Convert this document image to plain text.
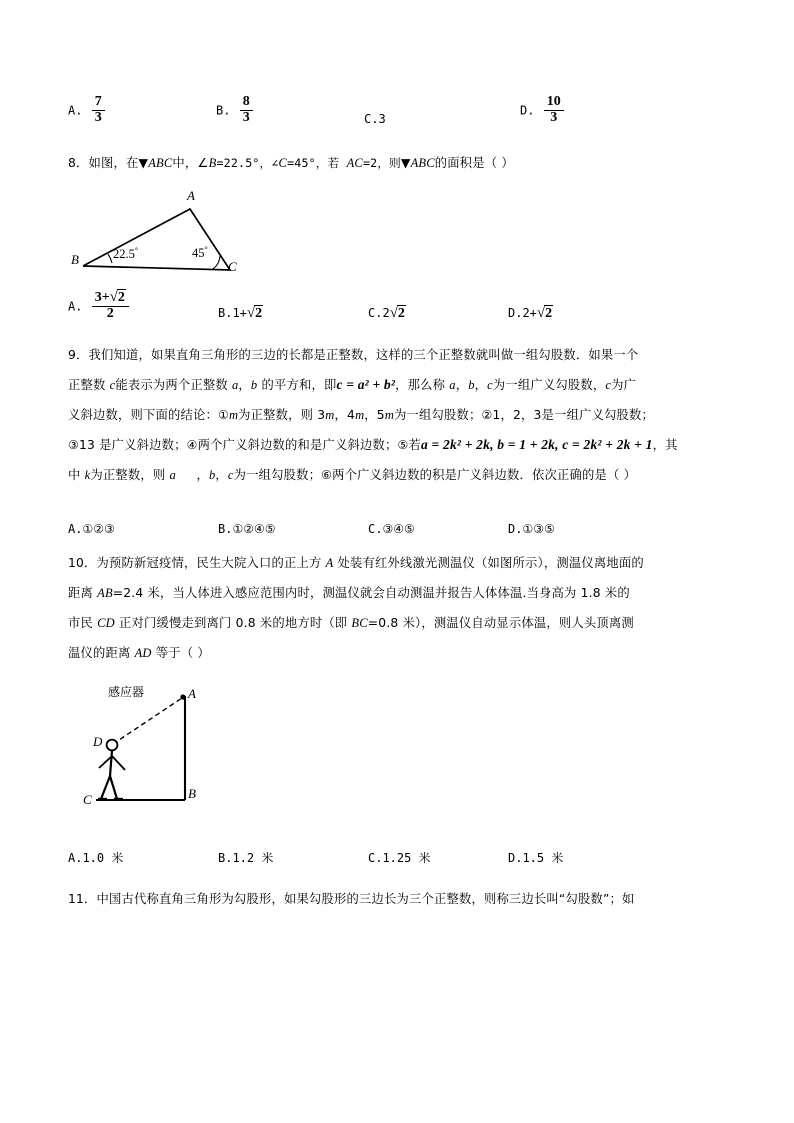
A. $\frac{7}{3}$	B. $\frac{8}{3}$	C.3
D. $\frac{10}{3}$
8．如图，在▼ABC中，∠B=22.5°，∠C=45°，若 AC=2，则▼ABC的面积是（ ）
B
A
C
22.5°	45°
A. $\frac{3+√2}{2}$	B.1+√2	C.2√2	D.2+√2
9．我们知道，如果直角三角形的三边的长都是正整数，这样的三个正整数就叫做一组勾股数．如果一个
正整数 c能表示为两个正整数 a，b 的平方和，即c = a² + b²，那么称 a，b，c为一组广义勾股数，c为广
义斜边数，则下面的结论：①m为正整数，则 3m，4m，5m为一组勾股数；②1，2，3是一组广义勾股数；
③13 是广义斜边数；④两个广义斜边数的和是广义斜边数；⑤若a = 2k² + 2k, b = 1 + 2k, c = 2k² + 2k + 1，其
中 k为正整数，则 a ，b，c为一组勾股数；⑥两个广义斜边数的积是广义斜边数．依次正确的是（ ）
A.①②③	B.①②④⑤	C.③④⑤	D.①③⑤
10．为预防新冠疫情，民生大院入口的正上方 A 处装有红外线激光测温仪（如图所示），测温仪离地面的
距离 AB=2.4 米，当人体进入感应范围内时，测温仪就会自动测温并报告人体体温.当身高为 1.8 米的
市民 CD 正对门缓慢走到离门 0.8 米的地方时（即 BC=0.8 米），测温仪自动显示体温，则人头顶离测
温仪的距离 AD 等于（ ）
感应器	A
B
C
D
A.1.0 米	B.1.2 米	C.1.25 米	D.1.5 米
11．中国古代称直角三角形为勾股形，如果勾股形的三边长为三个正整数，则称三边长叫“勾股数”；如
